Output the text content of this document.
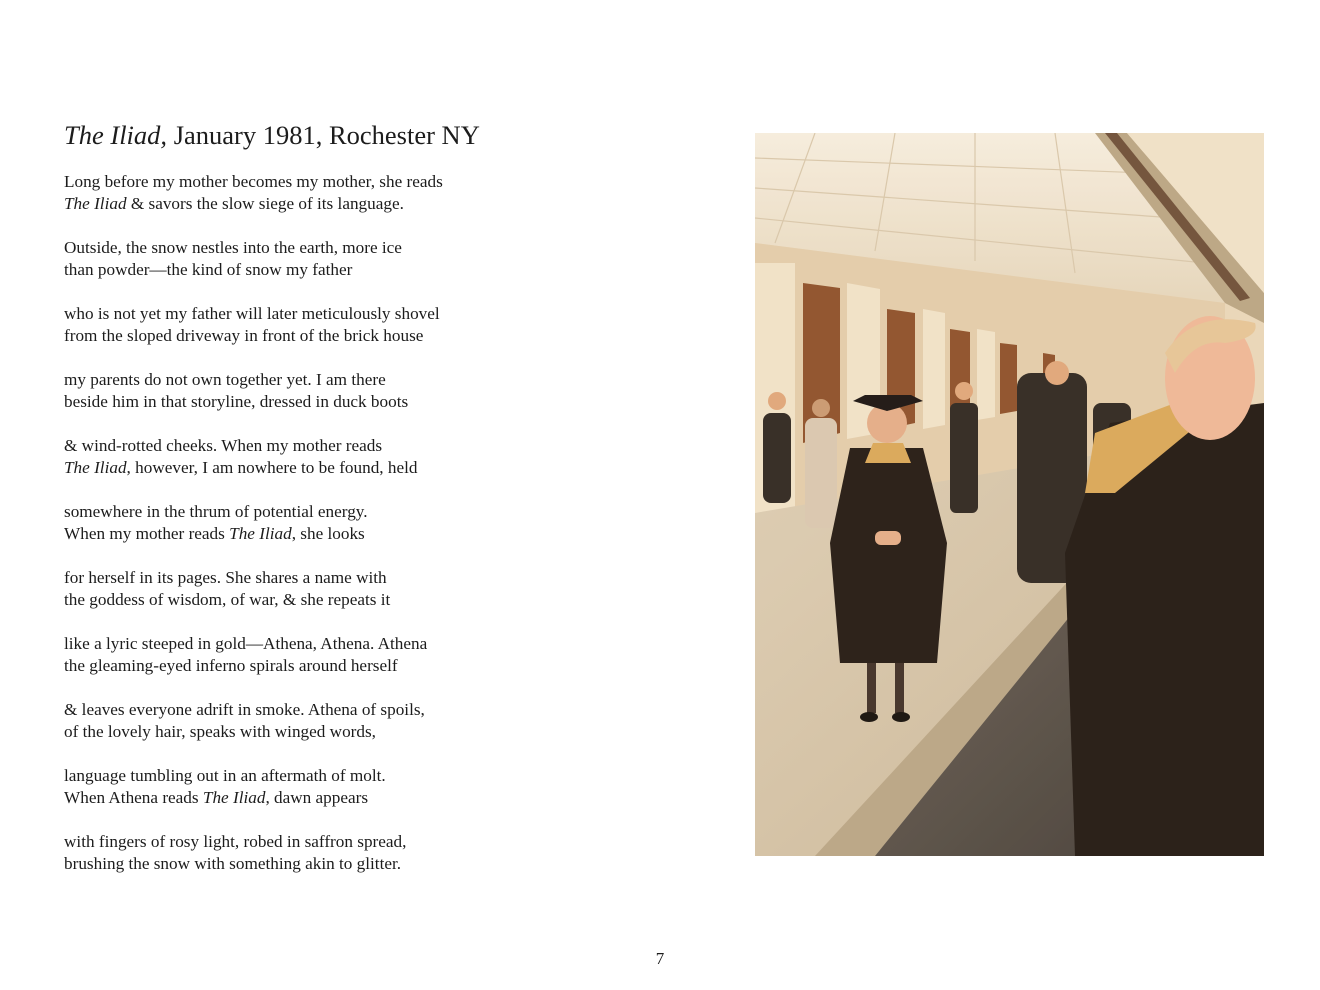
The Iliad, January 1981, Rochester NY
Long before my mother becomes my mother, she reads
The Iliad & savors the slow siege of its language.
Outside, the snow nestles into the earth, more ice
than powder—the kind of snow my father
who is not yet my father will later meticulously shovel
from the sloped driveway in front of the brick house
my parents do not own together yet. I am there
beside him in that storyline, dressed in duck boots
& wind-rotted cheeks. When my mother reads
The Iliad, however, I am nowhere to be found, held
somewhere in the thrum of potential energy.
When my mother reads The Iliad, she looks
for herself in its pages. She shares a name with
the goddess of wisdom, of war, & she repeats it
like a lyric steeped in gold—Athena, Athena. Athena
the gleaming-eyed inferno spirals around herself
& leaves everyone adrift in smoke. Athena of spoils,
of the lovely hair, speaks with winged words,
language tumbling out in an aftermath of molt.
When Athena reads The Iliad, dawn appears
with fingers of rosy light, robed in saffron spread,
brushing the snow with something akin to glitter.
7
